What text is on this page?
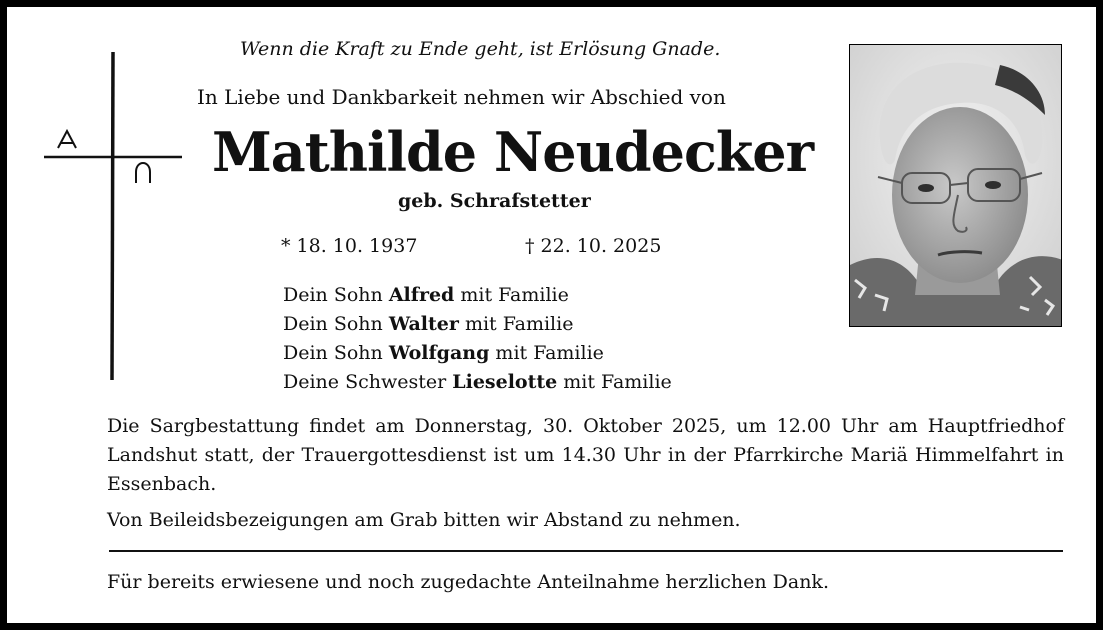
Wenn die Kraft zu Ende geht, ist Erlösung Gnade.
In Liebe und Dankbarkeit nehmen wir Abschied von
Mathilde Neudecker
geb. Schrafstetter
* 18. 10. 1937	† 22. 10. 2025
Dein Sohn Alfred mit Familie
Dein Sohn Walter mit Familie
Dein Sohn Wolfgang mit Familie
Deine Schwester Lieselotte mit Familie
Die Sargbestattung findet am Donnerstag, 30. Oktober 2025, um 12.00 Uhr am Hauptfriedhof Landshut statt, der Trauergottesdienst ist um 14.30 Uhr in der Pfarrkirche Mariä Himmelfahrt in Essenbach.
Von Beileidsbezeigungen am Grab bitten wir Abstand zu nehmen.
Für bereits erwiesene und noch zugedachte Anteilnahme herzlichen Dank.
